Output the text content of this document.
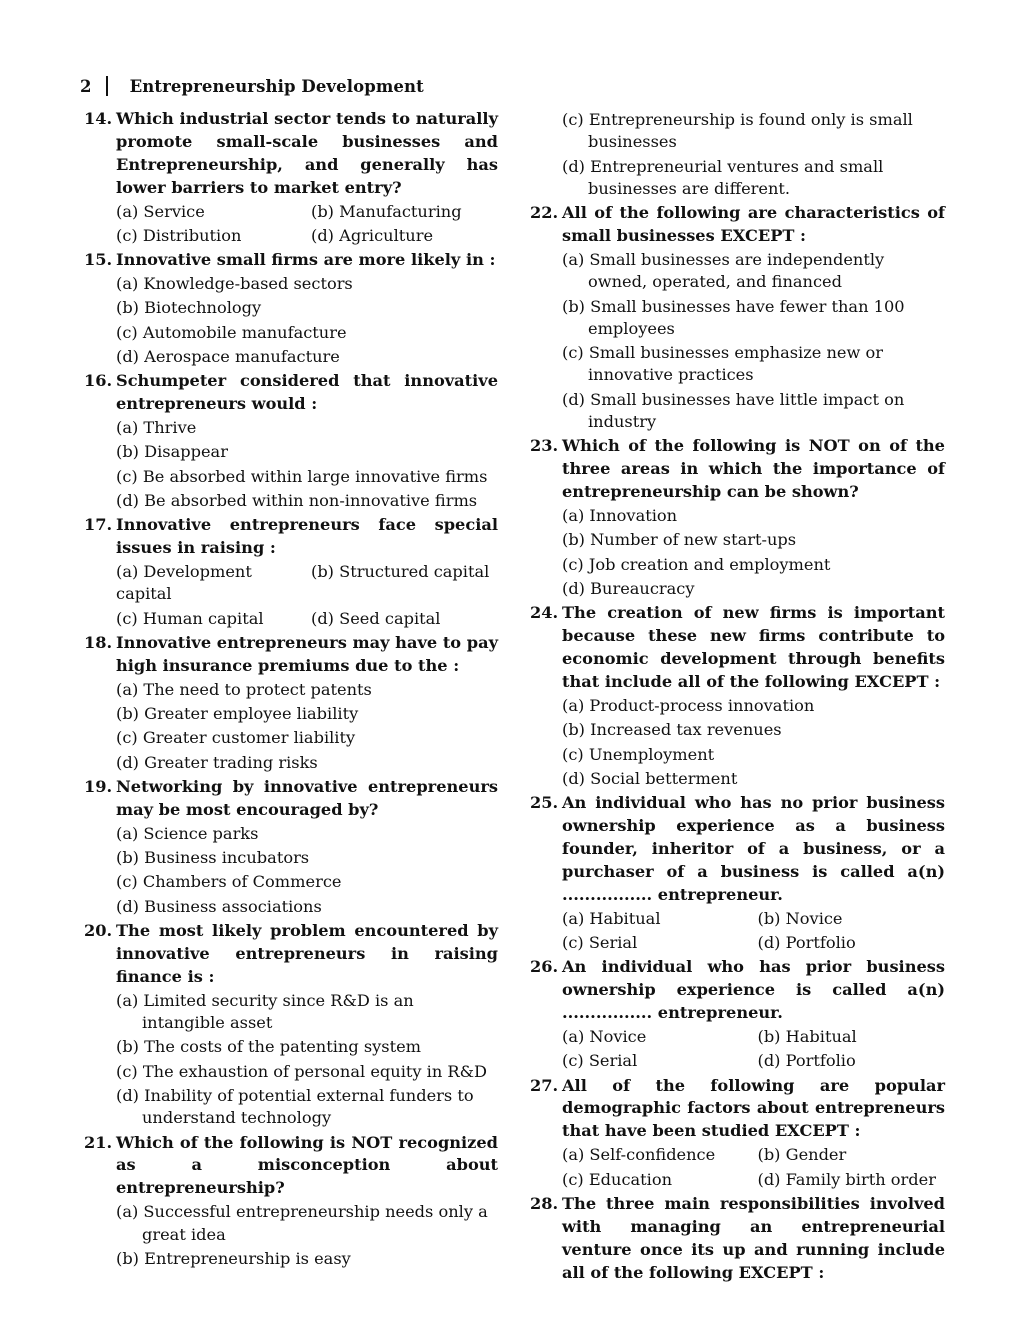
2 Entrepreneurship Development
14. Which industrial sector tends to naturally promote small-scale businesses and Entrepreneurship, and generally has lower barriers to market entry?
(a) Service	(b) Manufacturing
(c) Distribution	(d) Agriculture
15. Innovative small firms are more likely in :
(a) Knowledge-based sectors
(b) Biotechnology
(c) Automobile manufacture
(d) Aerospace manufacture
16. Schumpeter considered that innovative entrepreneurs would :
(a) Thrive
(b) Disappear
(c) Be absorbed within large innovative firms
(d) Be absorbed within non-innovative firms
17. Innovative entrepreneurs face special issues in raising :
(a) Development capital
(b) Structured capital
(c) Human capital	(d) Seed capital
18. Innovative entrepreneurs may have to pay high insurance premiums due to the :
(a) The need to protect patents
(b) Greater employee liability
(c) Greater customer liability
(d) Greater trading risks
19. Networking by innovative entrepreneurs may be most encouraged by?
(a) Science parks
(b) Business incubators
(c) Chambers of Commerce
(d) Business associations
20. The most likely problem encountered by innovative entrepreneurs in raising finance is :
(a) Limited security since R&D is an intangible asset
(b) The costs of the patenting system
(c) The exhaustion of personal equity in R&D
(d) Inability of potential external funders to understand technology
21. Which of the following is NOT recognized as a misconception about entrepreneurship?
(a) Successful entrepreneurship needs only a great idea
(b) Entrepreneurship is easy
(c) Entrepreneurship is found only is small businesses
(d) Entrepreneurial ventures and small businesses are different.
22. All of the following are characteristics of small businesses EXCEPT :
(a) Small businesses are independently owned, operated, and financed
(b) Small businesses have fewer than 100 employees
(c) Small businesses emphasize new or innovative practices
(d) Small businesses have little impact on industry
23. Which of the following is NOT on of the three areas in which the importance of entrepreneurship can be shown?
(a) Innovation
(b) Number of new start-ups
(c) Job creation and employment
(d) Bureaucracy
24. The creation of new firms is important because these new firms contribute to economic development through benefits that include all of the following EXCEPT :
(a) Product-process innovation
(b) Increased tax revenues
(c) Unemployment
(d) Social betterment
25. An individual who has no prior business ownership experience as a business founder, inheritor of a business, or a purchaser of a business is called a(n) ................ entrepreneur.
(a) Habitual	(b) Novice
(c) Serial	(d) Portfolio
26. An individual who has prior business ownership experience is called a(n) ................ entrepreneur.
(a) Novice	(b) Habitual
(c) Serial	(d) Portfolio
27. All of the following are popular demographic factors about entrepreneurs that have been studied EXCEPT :
(a) Self-confidence	(b) Gender
(c) Education	(d) Family birth order
28. The three main responsibilities involved with managing an entrepreneurial venture once its up and running include all of the following EXCEPT :
